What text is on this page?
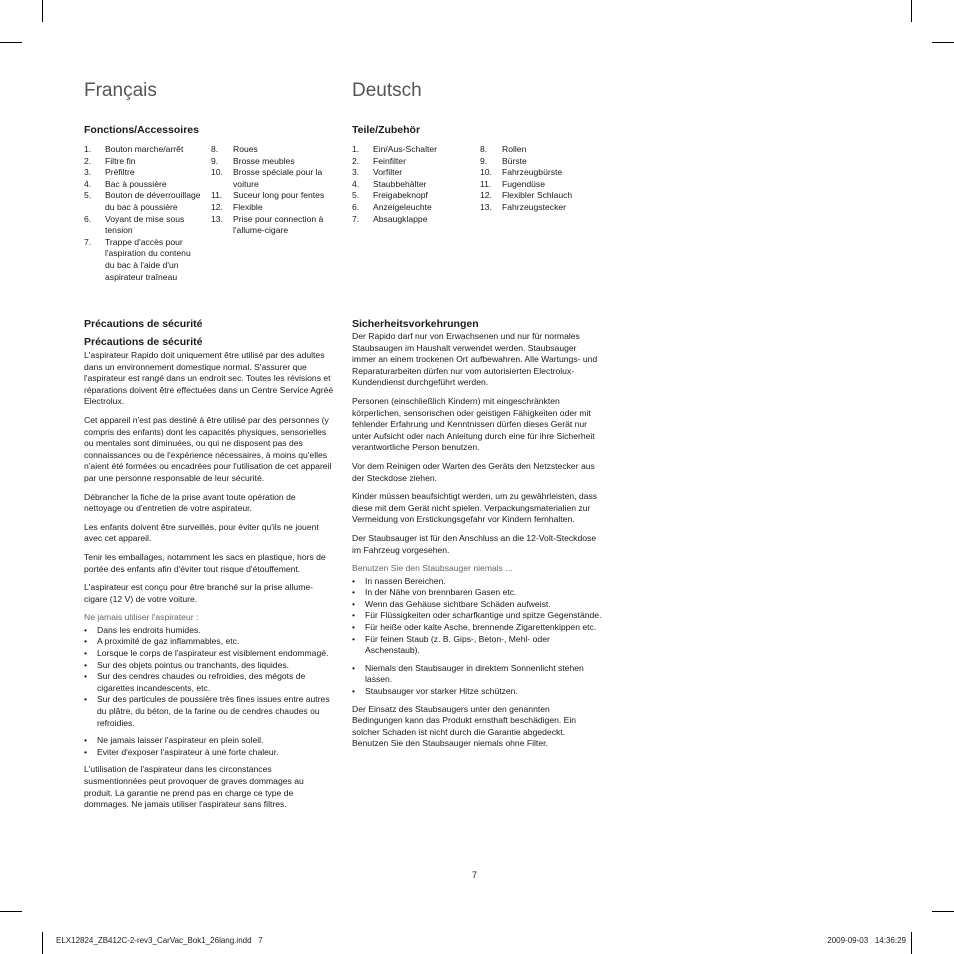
Français
Fonctions/Accessoires
1.	Bouton marche/arrêt
2.	Filtre fin
3.	Préfiltre
4.	Bac à poussière
5.	Bouton de déverrouillage du bac à poussière
6.	Voyant de mise sous tension
7.	Trappe d'accès pour l'aspiration du contenu du bac à l'aide d'un aspirateur traîneau
8.	Roues
9.	Brosse meubles
10.	Brosse spéciale pour la voiture
11.	Suceur long pour fentes
12.	Flexible
13.	Prise pour connection à l'allume-cigare
Précautions de sécurité
Précautions de sécurité

L'aspirateur Rapido doit uniquement être utilisé par des adultes dans un environnement domestique normal. S'assurer que l'aspirateur est rangé dans un endroit sec. Toutes les révisions et réparations doivent être effectuées dans un Centre Service Agréé Electrolux.

Cet appareil n'est pas destiné à être utilisé par des personnes (y compris des enfants) dont les capacités physiques, sensorielles ou mentales sont diminuées, ou qui ne disposent pas des connaissances ou de l'expérience nécessaires, à moins qu'elles n'aient été formées ou encadrées pour l'utilisation de cet appareil par une personne responsable de leur sécurité.

Débrancher la fiche de la prise avant toute opération de nettoyage ou d'entretien de votre aspirateur.

Les enfants doivent être surveillés, pour éviter qu'ils ne jouent avec cet appareil.

Tenir les emballages, notamment les sacs en plastique, hors de portée des enfants afin d'éviter tout risque d'étouffement.

L'aspirateur est conçu pour être branché sur la prise allume-cigare (12 V) de votre voiture.

Ne jamais utiliser l'aspirateur :
• Dans les endroits humides.
• A proximité de gaz inflammables, etc.
• Lorsque le corps de l'aspirateur est visiblement endommagé.
• Sur des objets pointus ou tranchants, des liquides.
• Sur des cendres chaudes ou refroidies, des mégots de cigarettes incandescents, etc.
• Sur des particules de poussière très fines issues entre autres du plâtre, du béton, de la farine ou de cendres chaudes ou refroidies.
• Ne jamais laisser l'aspirateur en plein soleil.
• Eviter d'exposer l'aspirateur à une forte chaleur.

L'utilisation de l'aspirateur dans les circonstances susmentionnées peut provoquer de graves dommages au produit. La garantie ne prend pas en charge ce type de dommages. Ne jamais utiliser l'aspirateur sans filtres.

Deutsch
Teile/Zubehör
1.	Ein/Aus-Schalter
2.	Feinfilter
3.	Vorfilter
4.	Staubbehälter
5.	Freigabeknopf
6.	Anzeigeleuchte
7.	Absaugklappe
8.	Rollen
9.	Bürste
10.	Fahrzeugbürste
11.	Fugendüse
12.	Flexibler Schlauch
13.	Fahrzeugstecker
Sicherheitsvorkehrungen

Der Rapido darf nur von Erwachsenen und nur für normales Staubsaugen im Haushalt verwendet werden. Staubsauger immer an einem trockenen Ort aufbewahren. Alle Wartungs- und Reparaturarbeiten dürfen nur vom autorisierten Electrolux-Kundendienst durchgeführt werden.

Personen (einschließlich Kindern) mit eingeschränkten körperlichen, sensorischen oder geistigen Fähigkeiten oder mit fehlender Erfahrung und Kenntnissen dürfen dieses Gerät nur unter Aufsicht oder nach Anleitung durch eine für ihre Sicherheit verantwortliche Person benutzen.

Vor dem Reinigen oder Warten des Geräts den Netzstecker aus der Steckdose ziehen.

Kinder müssen beaufsichtigt werden, um zu gewährleisten, dass diese mit dem Gerät nicht spielen. Verpackungsmaterialien zur Vermeidung von Erstickungsgefahr vor Kindern fernhalten.

Der Staubsauger ist für den Anschluss an die 12-Volt-Steckdose im Fahrzeug vorgesehen.

Benutzen Sie den Staubsauger niemals ...
• In nassen Bereichen.
• In der Nähe von brennbaren Gasen etc.
• Wenn das Gehäuse sichtbare Schäden aufweist.
• Für Flüssigkeiten oder scharfkantige und spitze Gegenstände.
• Für heiße oder kalte Asche, brennende Zigarettenkippen etc.
• Für feinen Staub (z. B. Gips-, Beton-, Mehl- oder Aschenstaub).
• Niemals den Staubsauger in direktem Sonnenlicht stehen lassen.
• Staubsauger vor starker Hitze schützen.

Der Einsatz des Staubsaugers unter den genannten Bedingungen kann das Produkt ernsthaft beschädigen. Ein solcher Schaden ist nicht durch die Garantie abgedeckt. Benutzen Sie den Staubsauger niemals ohne Filter.

7
ELX12824_ZB412C-2-rev3_CarVac_Bok1_26lang.indd   7	2009-09-03   14:36:29
